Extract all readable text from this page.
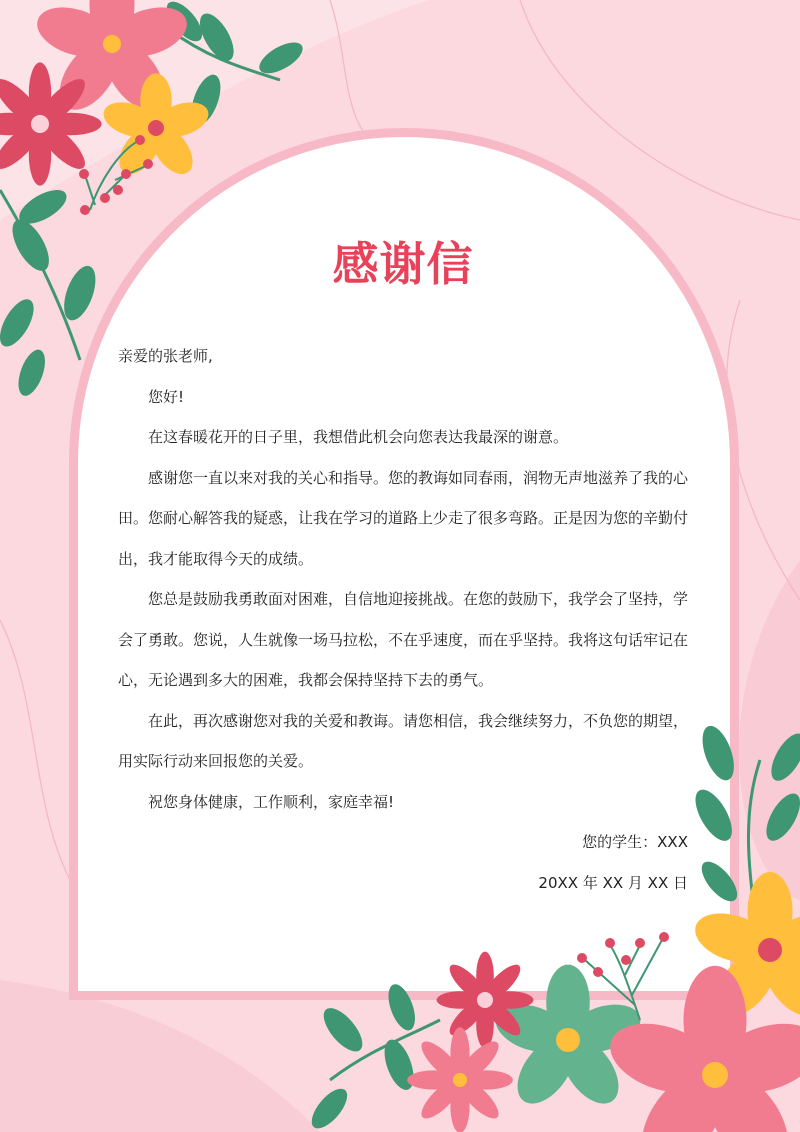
感谢信

亲爱的张老师,

您好!

在这春暖花开的日子里，我想借此机会向您表达我最深的谢意。

感谢您一直以来对我的关心和指导。您的教诲如同春雨，润物无声地滋养了我的心田。您耐心解答我的疑惑，让我在学习的道路上少走了很多弯路。正是因为您的辛勤付出，我才能取得今天的成绩。

您总是鼓励我勇敢面对困难，自信地迎接挑战。在您的鼓励下，我学会了坚持，学会了勇敢。您说，人生就像一场马拉松，不在乎速度，而在乎坚持。我将这句话牢记在心，无论遇到多大的困难，我都会保持坚持下去的勇气。

在此，再次感谢您对我的关爱和教诲。请您相信，我会继续努力，不负您的期望，用实际行动来回报您的关爱。

祝您身体健康，工作顺利，家庭幸福!

您的学生：XXX

20XX 年 XX 月 XX 日
